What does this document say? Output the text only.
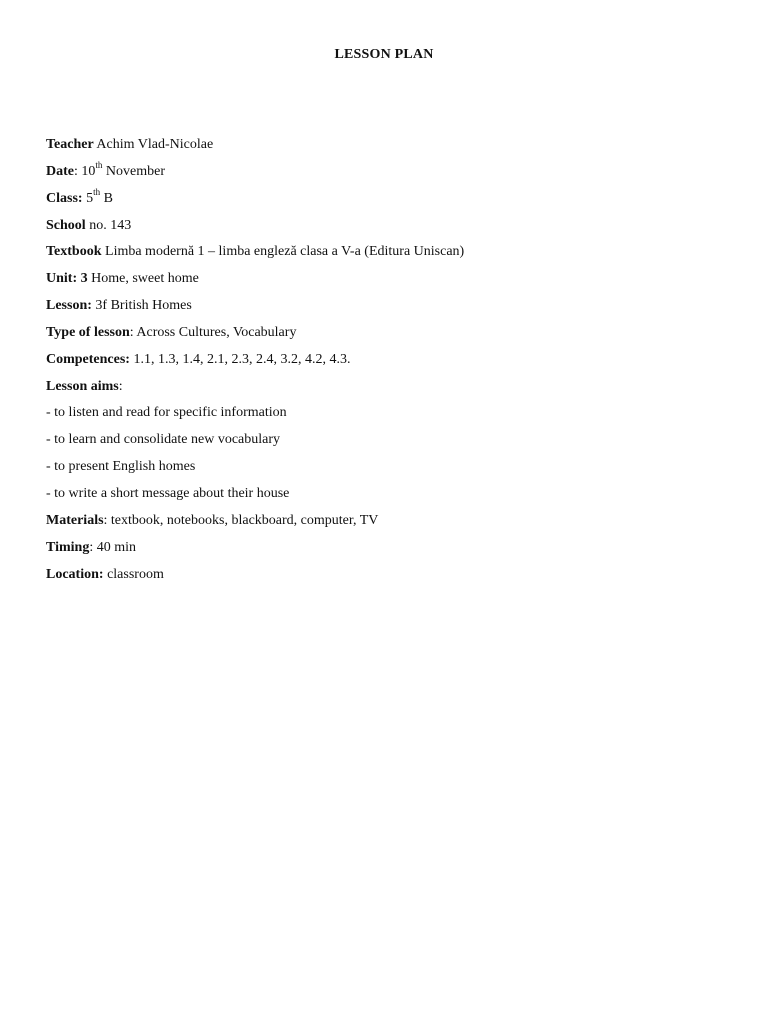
LESSON PLAN
Teacher Achim Vlad-Nicolae
Date: 10th November
Class: 5th B
School no. 143
Textbook Limba modernă 1 – limba engleză clasa a V-a (Editura Uniscan)
Unit: 3 Home, sweet home
Lesson: 3f British Homes
Type of lesson: Across Cultures, Vocabulary
Competences: 1.1, 1.3, 1.4, 2.1, 2.3, 2.4, 3.2, 4.2, 4.3.
Lesson aims:
- to listen and read for specific information
- to learn and consolidate new vocabulary
- to present English homes
- to write a short message about their house
Materials: textbook, notebooks, blackboard, computer, TV
Timing: 40 min
Location: classroom
